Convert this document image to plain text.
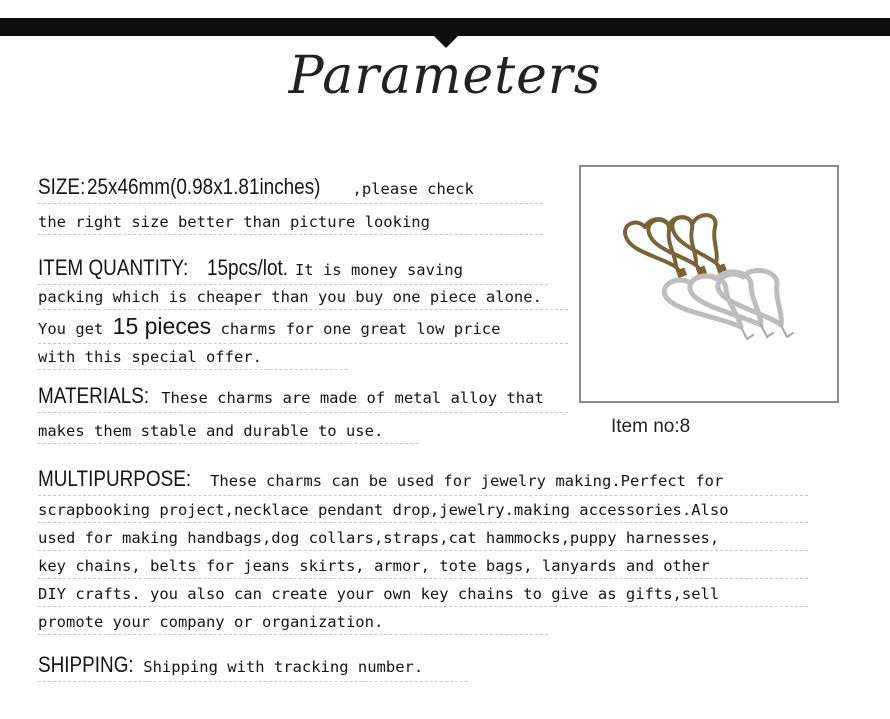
Parameters
SIZE:25x46mm(0.98x1.81inches) ,please check
the right size better than picture looking
ITEM QUANTITY: 15pcs/lot. It is money saving
packing which is cheaper than you buy one piece alone.
You get 15 pieces charms for one great low price
with this special offer.
MATERIALS: These charms are made of metal alloy that
makes them stable and durable to use.	Item no:8
MULTIPURPOSE: These charms can be used for jewelry making.Perfect for
scrapbooking project,necklace pendant drop,jewelry.making accessories.Also
used for making handbags,dog collars,straps,cat hammocks,puppy harnesses,
key chains, belts for jeans skirts, armor, tote bags, lanyards and other
DIY crafts. you also can create your own key chains to give as gifts,sell
promote your company or organization.
SHIPPING: Shipping with tracking number.
